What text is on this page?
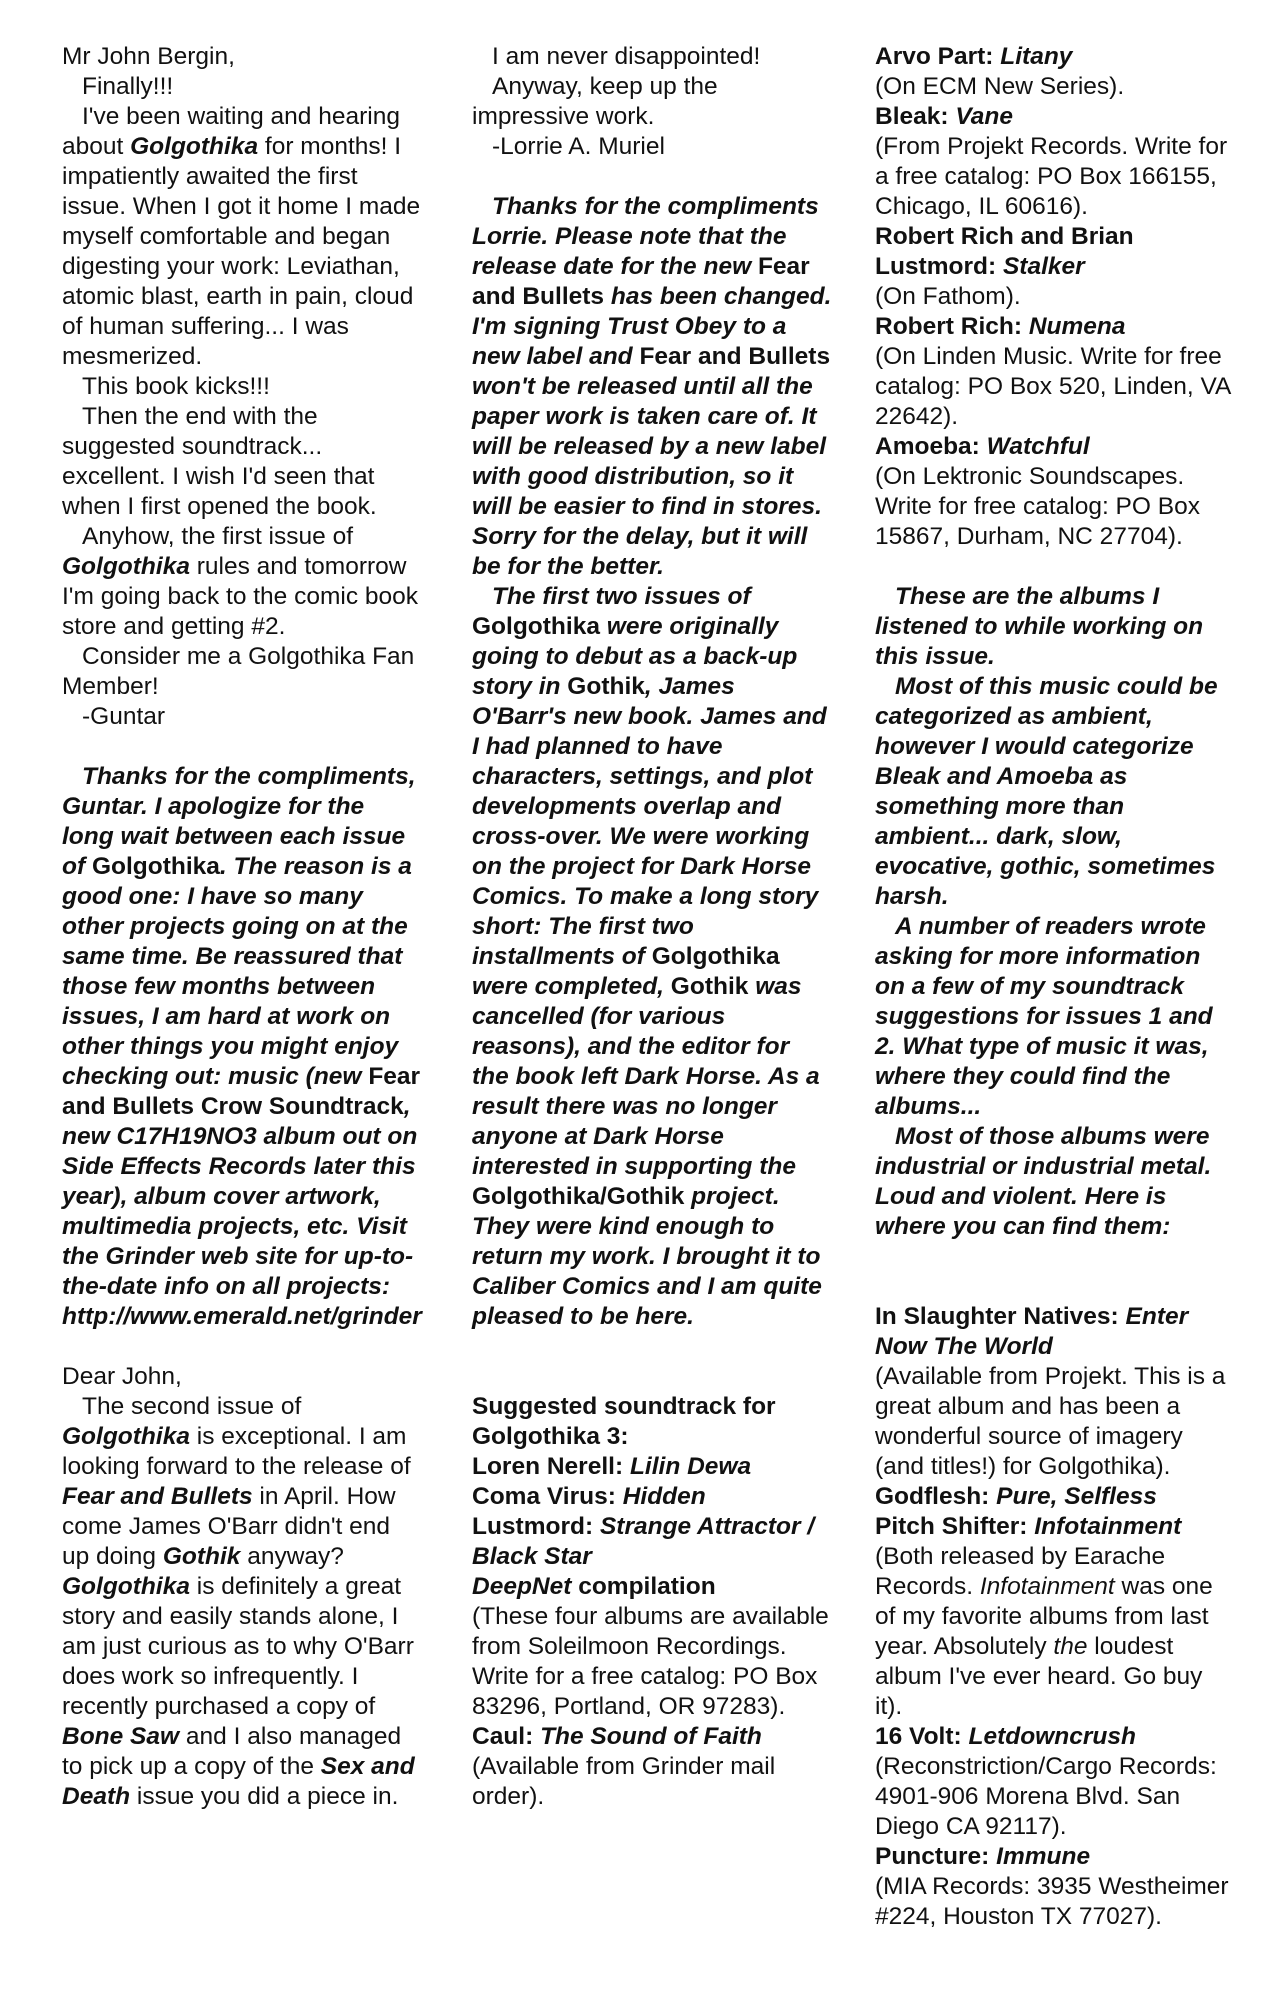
Mr John Bergin,

Finally!!!

I've been waiting and hearing about Golgothika for months! I impatiently awaited the first issue. When I got it home I made myself comfortable and began digesting your work: Leviathan, atomic blast, earth in pain, cloud of human suffering... I was mesmerized.

This book kicks!!!

Then the end with the suggested soundtrack... excellent. I wish I'd seen that when I first opened the book.

Anyhow, the first issue of Golgothika rules and tomorrow I'm going back to the comic book store and getting #2.

Consider me a Golgothika Fan Member!

-Guntar

Thanks for the compliments, Guntar. I apologize for the long wait between each issue of Golgothika. The reason is a good one: I have so many other projects going on at the same time. Be reassured that those few months between issues, I am hard at work on other things you might enjoy checking out: music (new Fear and Bullets Crow Soundtrack, new C17H19NO3 album out on Side Effects Records later this year), album cover artwork, multimedia projects, etc. Visit the Grinder web site for up-to-the-date info on all projects: http://www.emerald.net/grinder

Dear John,

The second issue of Golgothika is exceptional. I am looking forward to the release of Fear and Bullets in April. How come James O'Barr didn't end up doing Gothik anyway? Golgothika is definitely a great story and easily stands alone, I am just curious as to why O'Barr does work so infrequently. I recently purchased a copy of Bone Saw and I also managed to pick up a copy of the Sex and Death issue you did a piece in.

I am never disappointed!

Anyway, keep up the impressive work.

-Lorrie A. Muriel

Thanks for the compliments Lorrie. Please note that the release date for the new Fear and Bullets has been changed. I'm signing Trust Obey to a new label and Fear and Bullets won't be released until all the paper work is taken care of. It will be released by a new label with good distribution, so it will be easier to find in stores. Sorry for the delay, but it will be for the better.

The first two issues of Golgothika were originally going to debut as a back-up story in Gothik, James O'Barr's new book. James and I had planned to have characters, settings, and plot developments overlap and cross-over. We were working on the project for Dark Horse Comics. To make a long story short: The first two installments of Golgothika were completed, Gothik was cancelled (for various reasons), and the editor for the book left Dark Horse. As a result there was no longer anyone at Dark Horse interested in supporting the Golgothika/Gothik project. They were kind enough to return my work. I brought it to Caliber Comics and I am quite pleased to be here.

Suggested soundtrack for Golgothika 3:

Loren Nerell: Lilin Dewa

Coma Virus: Hidden

Lustmord: Strange Attractor / Black Star

DeepNet compilation

(These four albums are available from Soleilmoon Recordings. Write for a free catalog: PO Box 83296, Portland, OR 97283).

Caul: The Sound of Faith

(Available from Grinder mail order).

Arvo Part: Litany

(On ECM New Series).

Bleak: Vane

(From Projekt Records. Write for a free catalog: PO Box 166155, Chicago, IL 60616).

Robert Rich and Brian Lustmord: Stalker

(On Fathom).

Robert Rich: Numena

(On Linden Music. Write for free catalog: PO Box 520, Linden, VA 22642).

Amoeba: Watchful

(On Lektronic Soundscapes. Write for free catalog: PO Box 15867, Durham, NC 27704).

These are the albums I listened to while working on this issue.

Most of this music could be categorized as ambient, however I would categorize Bleak and Amoeba as something more than ambient... dark, slow, evocative, gothic, sometimes harsh.

A number of readers wrote asking for more information on a few of my soundtrack suggestions for issues 1 and 2. What type of music it was, where they could find the albums...

Most of those albums were industrial or industrial metal. Loud and violent. Here is where you can find them:

In Slaughter Natives: Enter Now The World

(Available from Projekt. This is a great album and has been a wonderful source of imagery (and titles!) for Golgothika).

Godflesh: Pure, Selfless

Pitch Shifter: Infotainment

(Both released by Earache Records. Infotainment was one of my favorite albums from last year. Absolutely the loudest album I've ever heard. Go buy it).

16 Volt: Letdowncrush

(Reconstriction/Cargo Records: 4901-906 Morena Blvd. San Diego CA 92117).

Puncture: Immune

(MIA Records: 3935 Westheimer #224, Houston TX 77027).
